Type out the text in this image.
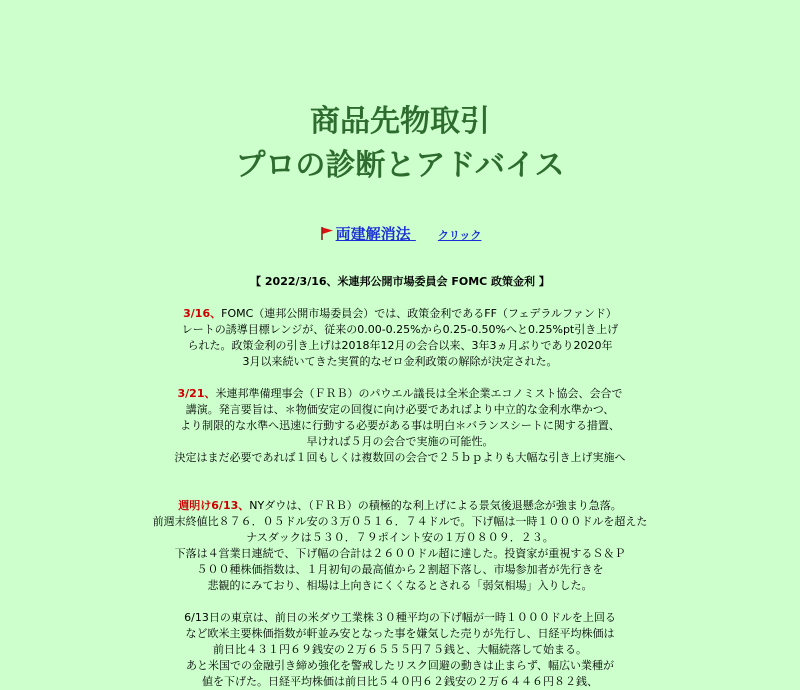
商品先物取引
プロの診断とアドバイス
両建解消法 クリック
【 2022/3/16、米連邦公開市場委員会 FOMC 政策金利 】

3/16、FOMC（連邦公開市場委員会）では、政策金利であるFF（フェデラルファンド）
レートの誘導目標レンジが、従来の0.00-0.25%から0.25-0.50%へと0.25%pt引き上げ
られた。政策金利の引き上げは2018年12月の会合以来、3年3ヵ月ぶりであり2020年
3月以来続いてきた実質的なゼロ金利政策の解除が決定された。

3/21、米連邦準備理事会（ＦＲＢ）のパウエル議長は全米企業エコノミスト協会、会合で
講演。発言要旨は、＊物価安定の回復に向け必要であればより中立的な金利水準かつ、
より制限的な水準へ迅速に行動する必要がある事は明白＊バランスシートに関する措置、
早ければ５月の会合で実施の可能性。
決定はまだ必要であれば１回もしくは複数回の会合で２５ｂｐよりも大幅な引き上げ実施へ

週明け6/13、NYダウは、（ＦＲＢ）の積極的な利上げによる景気後退懸念が強まり急落。
前週末終値比８７６．０５ドル安の３万０５１６．７４ドルで。下げ幅は一時１０００ドルを超えた
ナスダックは５３０．７９ポイント安の１万０８０９．２３。
下落は４営業日連続で、下げ幅の合計は２６００ドル超に達した。投資家が重視するＳ＆Ｐ
５００種株価指数は、１月初旬の最高値から２割超下落し、市場参加者が先行きを
悲観的にみており、相場は上向きにくくなるとされる「弱気相場」入りした。

6/13日の東京は、前日の米ダウ工業株３０種平均の下げ幅が一時１０００ドルを上回る
など欧米主要株価指数が軒並み安となった事を嫌気した売りが先行し、日経平均株価は
前日比４３１円６９銭安の２万６５５５円７５銭と、大幅続落して始まる。
あと米国での金融引き締め強化を警戒したリスク回避の動きは止まらず、幅広い業種が
値を下げた。日経平均株価は前日比５４０円６２銭安の２万６４４６円８２銭、
